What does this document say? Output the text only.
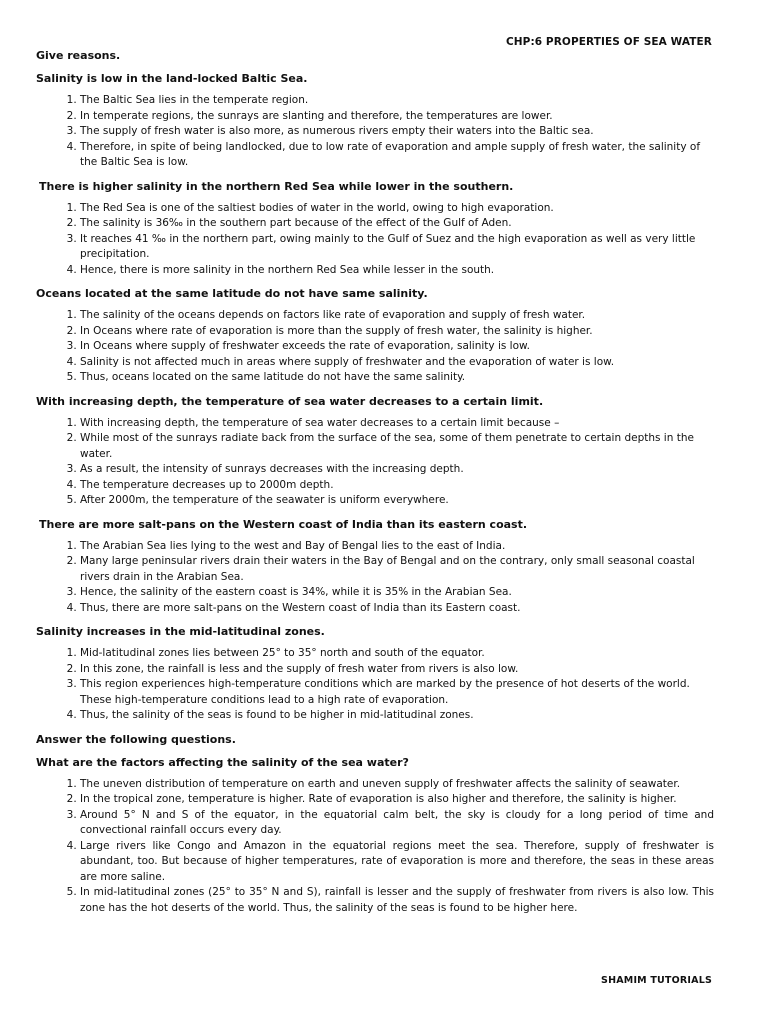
CHP:6 PROPERTIES OF SEA WATER
Give reasons.
Salinity is low in the land-locked Baltic Sea.
1. The Baltic Sea lies in the temperate region.
2. In temperate regions, the sunrays are slanting and therefore, the temperatures are lower.
3. The supply of fresh water is also more, as numerous rivers empty their waters into the Baltic sea.
4. Therefore, in spite of being landlocked, due to low rate of evaporation and ample supply of fresh water, the salinity of the Baltic Sea is low.
There is higher salinity in the northern Red Sea while lower in the southern.
1. The Red Sea is one of the saltiest bodies of water in the world, owing to high evaporation.
2. The salinity is 36‰ in the southern part because of the effect of the Gulf of Aden.
3. It reaches 41 ‰ in the northern part, owing mainly to the Gulf of Suez and the high evaporation as well as very little precipitation.
4. Hence, there is more salinity in the northern Red Sea while lesser in the south.
Oceans located at the same latitude do not have same salinity.
1. The salinity of the oceans depends on factors like rate of evaporation and supply of fresh water.
2. In Oceans where rate of evaporation is more than the supply of fresh water, the salinity is higher.
3. In Oceans where supply of freshwater exceeds the rate of evaporation, salinity is low.
4. Salinity is not affected much in areas where supply of freshwater and the evaporation of water is low.
5. Thus, oceans located on the same latitude do not have the same salinity.
With increasing depth, the temperature of sea water decreases to a certain limit.
1. With increasing depth, the temperature of sea water decreases to a certain limit because –
2. While most of the sunrays radiate back from the surface of the sea, some of them penetrate to certain depths in the water.
3. As a result, the intensity of sunrays decreases with the increasing depth.
4. The temperature decreases up to 2000m depth.
5. After 2000m, the temperature of the seawater is uniform everywhere.
There are more salt-pans on the Western coast of India than its eastern coast.
1. The Arabian Sea lies lying to the west and Bay of Bengal lies to the east of India.
2. Many large peninsular rivers drain their waters in the Bay of Bengal and on the contrary, only small seasonal coastal rivers drain in the Arabian Sea.
3. Hence, the salinity of the eastern coast is 34%, while it is 35% in the Arabian Sea.
4. Thus, there are more salt-pans on the Western coast of India than its Eastern coast.
Salinity increases in the mid-latitudinal zones.
1. Mid-latitudinal zones lies between 25° to 35° north and south of the equator.
2. In this zone, the rainfall is less and the supply of fresh water from rivers is also low.
3. This region experiences high-temperature conditions which are marked by the presence of hot deserts of the world. These high-temperature conditions lead to a high rate of evaporation.
4. Thus, the salinity of the seas is found to be higher in mid-latitudinal zones.
Answer the following questions.
What are the factors affecting the salinity of the sea water?
1. The uneven distribution of temperature on earth and uneven supply of freshwater affects the salinity of seawater.
2. In the tropical zone, temperature is higher. Rate of evaporation is also higher and therefore, the salinity is higher.
3. Around 5° N and S of the equator, in the equatorial calm belt, the sky is cloudy for a long period of time and convectional rainfall occurs every day.
4. Large rivers like Congo and Amazon in the equatorial regions meet the sea. Therefore, supply of freshwater is abundant, too. But because of higher temperatures, rate of evaporation is more and therefore, the seas in these areas are more saline.
5. In mid-latitudinal zones (25° to 35° N and S), rainfall is lesser and the supply of freshwater from rivers is also low. This zone has the hot deserts of the world. Thus, the salinity of the seas is found to be higher here.
SHAMIM TUTORIALS
